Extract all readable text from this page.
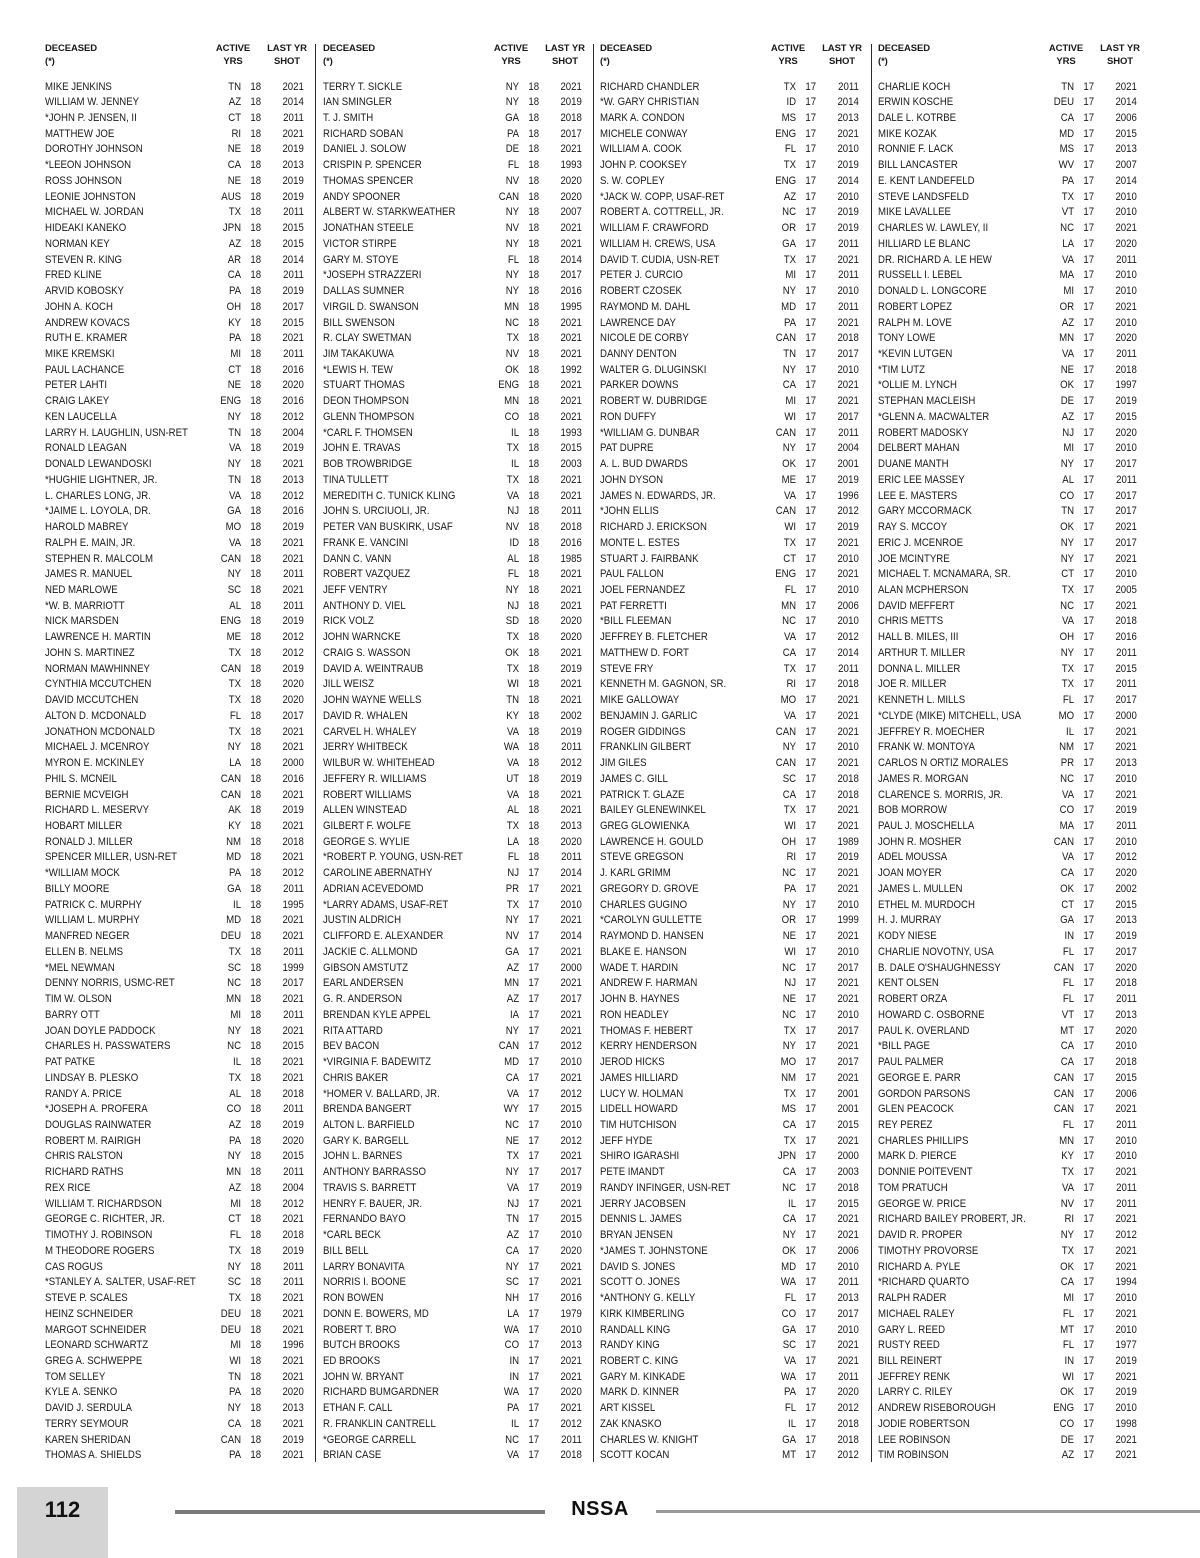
DECEASED
(*)
ACTIVE
YRS
LAST YR
SHOT
MIKE JENKINS	TN 18	2021
WILLIAM W. JENNEY	AZ 18	2014
*JOHN P. JENSEN, II	CT 18	2011
MATTHEW JOE	RI 18	2021
DOROTHY JOHNSON	NE 18	2019
*LEEON JOHNSON	CA 18	2013
ROSS JOHNSON	NE 18	2019
LEONIE JOHNSTON	AUS 18	2019
MICHAEL W. JORDAN	TX 18	2011
HIDEAKI KANEKO	JPN 18	2015
NORMAN KEY	AZ 18	2015
STEVEN R. KING	AR 18	2014
FRED KLINE	CA 18	2011
ARVID KOBOSKY	PA 18	2019
JOHN A. KOCH	OH 18	2017
ANDREW KOVACS	KY 18	2015
RUTH E. KRAMER	PA 18	2021
MIKE KREMSKI	MI 18	2011
PAUL LACHANCE	CT 18	2016
PETER LAHTI	NE 18	2020
CRAIG LAKEY	ENG 18	2016
KEN LAUCELLA	NY 18	2012
LARRY H. LAUGHLIN, USN-RET	TN 18	2004
RONALD LEAGAN	VA 18	2019
DONALD LEWANDOSKI	NY 18	2021
*HUGHIE LIGHTNER, JR.	TN 18	2013
L. CHARLES LONG, JR.	VA 18	2012
*JAIME L. LOYOLA, DR.	GA 18	2016
HAROLD MABREY	MO 18	2019
RALPH E. MAIN, JR.	VA 18	2021
STEPHEN R. MALCOLM	CAN 18	2021
JAMES R. MANUEL	NY 18	2011
NED MARLOWE	SC 18	2021
*W. B. MARRIOTT	AL 18	2011
NICK MARSDEN	ENG 18	2019
LAWRENCE H. MARTIN	ME 18	2012
JOHN S. MARTINEZ	TX 18	2012
NORMAN MAWHINNEY	CAN 18	2019
CYNTHIA MCCUTCHEN	TX 18	2020
DAVID MCCUTCHEN	TX 18	2020
ALTON D. MCDONALD	FL 18	2017
JONATHON MCDONALD	TX 18	2021
MICHAEL J. MCENROY	NY 18	2021
MYRON E. MCKINLEY	LA 18	2000
PHIL S. MCNEIL	CAN 18	2016
BERNIE MCVEIGH	CAN 18	2021
RICHARD L. MESERVY	AK 18	2019
HOBART MILLER	KY 18	2021
RONALD J. MILLER	NM 18	2018
SPENCER MILLER, USN-RET	MD 18	2021
*WILLIAM MOCK	PA 18	2012
BILLY MOORE	GA 18	2011
PATRICK C. MURPHY	IL 18	1995
WILLIAM L. MURPHY	MD 18	2021
MANFRED NEGER	DEU 18	2021
ELLEN B. NELMS	TX 18	2011
*MEL NEWMAN	SC 18	1999
DENNY NORRIS, USMC-RET	NC 18	2017
TIM W. OLSON	MN 18	2021
BARRY OTT	MI 18	2011
JOAN DOYLE PADDOCK	NY 18	2021
CHARLES H. PASSWATERS	NC 18	2015
PAT PATKE	IL 18	2021
LINDSAY B. PLESKO	TX 18	2021
RANDY A. PRICE	AL 18	2018
*JOSEPH A. PROFERA	CO 18	2011
DOUGLAS RAINWATER	AZ 18	2019
ROBERT M. RAIRIGH	PA 18	2020
CHRIS RALSTON	NY 18	2015
RICHARD RATHS	MN 18	2011
REX RICE	AZ 18	2004
WILLIAM T. RICHARDSON	MI 18	2012
GEORGE C. RICHTER, JR.	CT 18	2021
TIMOTHY J. ROBINSON	FL 18	2018
M THEODORE ROGERS	TX 18	2019
CAS ROGUS	NY 18	2011
*STANLEY A. SALTER, USAF-RET	SC 18	2011
STEVE P. SCALES	TX 18	2021
HEINZ SCHNEIDER	DEU 18	2021
MARGOT SCHNEIDER	DEU 18	2021
LEONARD SCHWARTZ	MI 18	1996
GREG A. SCHWEPPE	WI 18	2021
TOM SELLEY	TN 18	2021
KYLE A. SENKO	PA 18	2020
DAVID J. SERDULA	NY 18	2013
TERRY SEYMOUR	CA 18	2021
KAREN SHERIDAN	CAN 18	2019
THOMAS A. SHIELDS	PA 18	2021
DECEASED
(*)
ACTIVE
YRS
LAST YR
SHOT
TERRY T. SICKLE	NY 18	2021
IAN SMINGLER	NY 18	2019
T. J. SMITH	GA 18	2018
RICHARD SOBAN	PA 18	2017
DANIEL J. SOLOW	DE 18	2021
CRISPIN P. SPENCER	FL 18	1993
THOMAS SPENCER	NV 18	2020
ANDY SPOONER	CAN 18	2020
ALBERT W. STARKWEATHER	NY 18	2007
JONATHAN STEELE	NV 18	2021
VICTOR STIRPE	NY 18	2021
GARY M. STOYE	FL 18	2014
*JOSEPH STRAZZERI	NY 18	2017
DALLAS SUMNER	NY 18	2016
VIRGIL D. SWANSON	MN 18	1995
BILL SWENSON	NC 18	2021
R. CLAY SWETMAN	TX 18	2021
JIM TAKAKUWA	NV 18	2021
*LEWIS H. TEW	OK 18	1992
STUART THOMAS	ENG 18	2021
DEON THOMPSON	MN 18	2021
GLENN THOMPSON	CO 18	2021
*CARL F. THOMSEN	IL 18	1993
JOHN E. TRAVAS	TX 18	2015
BOB TROWBRIDGE	IL 18	2003
TINA TULLETT	TX 18	2021
MEREDITH C. TUNICK KLING	VA 18	2021
JOHN S. URCIUOLI, JR.	NJ 18	2011
PETER VAN BUSKIRK, USAF	NV 18	2018
FRANK E. VANCINI	ID 18	2016
DANN C. VANN	AL 18	1985
ROBERT VAZQUEZ	FL 18	2021
JEFF VENTRY	NY 18	2021
ANTHONY D. VIEL	NJ 18	2021
RICK VOLZ	SD 18	2020
JOHN WARNCKE	TX 18	2020
CRAIG S. WASSON	OK 18	2021
DAVID A. WEINTRAUB	TX 18	2019
JILL WEISZ	WI 18	2021
JOHN WAYNE WELLS	TN 18	2021
DAVID R. WHALEN	KY 18	2002
CARVEL H. WHALEY	VA 18	2019
JERRY WHITBECK	WA 18	2011
WILBUR W. WHITEHEAD	VA 18	2012
JEFFERY R. WILLIAMS	UT 18	2019
ROBERT WILLIAMS	VA 18	2021
ALLEN WINSTEAD	AL 18	2021
GILBERT F. WOLFE	TX 18	2013
GEORGE S. WYLIE	LA 18	2020
*ROBERT P. YOUNG, USN-RET	FL 18	2011
CAROLINE ABERNATHY	NJ 17	2014
ADRIAN ACEVEDOMD	PR 17	2021
*LARRY ADAMS, USAF-RET	TX 17	2010
JUSTIN ALDRICH	NY 17	2021
CLIFFORD E. ALEXANDER	NV 17	2014
JACKIE C. ALLMOND	GA 17	2021
GIBSON AMSTUTZ	AZ 17	2000
EARL ANDERSEN	MN 17	2021
G. R. ANDERSON	AZ 17	2017
BRENDAN KYLE APPEL	IA 17	2021
RITA ATTARD	NY 17	2021
BEV BACON	CAN 17	2012
*VIRGINIA F. BADEWITZ	MD 17	2010
CHRIS BAKER	CA 17	2021
*HOMER V. BALLARD, JR.	VA 17	2012
BRENDA BANGERT	WY 17	2015
ALTON L. BARFIELD	NC 17	2010
GARY K. BARGELL	NE 17	2012
JOHN L. BARNES	TX 17	2021
ANTHONY BARRASSO	NY 17	2017
TRAVIS S. BARRETT	VA 17	2019
HENRY F. BAUER, JR.	NJ 17	2021
FERNANDO BAYO	TN 17	2015
*CARL BECK	AZ 17	2010
BILL BELL	CA 17	2020
LARRY BONAVITA	NY 17	2021
NORRIS I. BOONE	SC 17	2021
RON BOWEN	NH 17	2016
DONN E. BOWERS, MD	LA 17	1979
ROBERT T. BRO	WA 17	2010
BUTCH BROOKS	CO 17	2013
ED BROOKS	IN 17	2021
JOHN W. BRYANT	IN 17	2021
RICHARD BUMGARDNER	WA 17	2020
ETHAN F. CALL	PA 17	2021
R. FRANKLIN CANTRELL	IL 17	2012
*GEORGE CARRELL	NC 17	2011
BRIAN CASE	VA 17	2018
DECEASED
(*)
ACTIVE
YRS
LAST YR
SHOT
RICHARD CHANDLER	TX 17	2011
*W. GARY CHRISTIAN	ID 17	2014
MARK A. CONDON	MS 17	2013
MICHELE CONWAY	ENG 17	2021
WILLIAM A. COOK	FL 17	2010
JOHN P. COOKSEY	TX 17	2019
S. W. COPLEY	ENG 17	2014
*JACK W. COPP, USAF-RET	AZ 17	2010
ROBERT A. COTTRELL, JR.	NC 17	2019
WILLIAM F. CRAWFORD	OR 17	2019
WILLIAM H. CREWS, USA	GA 17	2011
DAVID T. CUDIA, USN-RET	TX 17	2021
PETER J. CURCIO	MI 17	2011
ROBERT CZOSEK	NY 17	2010
RAYMOND M. DAHL	MD 17	2011
LAWRENCE DAY	PA 17	2021
NICOLE DE CORBY	CAN 17	2018
DANNY DENTON	TN 17	2017
WALTER G. DLUGINSKI	NY 17	2010
PARKER DOWNS	CA 17	2021
ROBERT W. DUBRIDGE	MI 17	2021
RON DUFFY	WI 17	2017
*WILLIAM G. DUNBAR	CAN 17	2011
PAT DUPRE	NY 17	2004
A. L. BUD DWARDS	OK 17	2001
JOHN DYSON	ME 17	2019
JAMES N. EDWARDS, JR.	VA 17	1996
*JOHN ELLIS	CAN 17	2012
RICHARD J. ERICKSON	WI 17	2019
MONTE L. ESTES	TX 17	2021
STUART J. FAIRBANK	CT 17	2010
PAUL FALLON	ENG 17	2021
JOEL FERNANDEZ	FL 17	2010
PAT FERRETTI	MN 17	2006
*BILL FLEEMAN	NC 17	2010
JEFFREY B. FLETCHER	VA 17	2012
MATTHEW D. FORT	CA 17	2014
STEVE FRY	TX 17	2011
KENNETH M. GAGNON, SR.	RI 17	2018
MIKE GALLOWAY	MO 17	2021
BENJAMIN J. GARLIC	VA 17	2021
ROGER GIDDINGS	CAN 17	2021
FRANKLIN GILBERT	NY 17	2010
JIM GILES	CAN 17	2021
JAMES C. GILL	SC 17	2018
PATRICK T. GLAZE	CA 17	2018
BAILEY GLENEWINKEL	TX 17	2021
GREG GLOWIENKA	WI 17	2021
LAWRENCE H. GOULD	OH 17	1989
STEVE GREGSON	RI 17	2019
J. KARL GRIMM	NC 17	2021
GREGORY D. GROVE	PA 17	2021
CHARLES GUGINO	NY 17	2010
*CAROLYN GULLETTE	OR 17	1999
RAYMOND D. HANSEN	NE 17	2021
BLAKE E. HANSON	WI 17	2010
WADE T. HARDIN	NC 17	2017
ANDREW F. HARMAN	NJ 17	2021
JOHN B. HAYNES	NE 17	2021
RON HEADLEY	NC 17	2010
THOMAS F. HEBERT	TX 17	2017
KERRY HENDERSON	NY 17	2021
JEROD HICKS	MO 17	2017
JAMES HILLIARD	NM 17	2021
LUCY W. HOLMAN	TX 17	2001
LIDELL HOWARD	MS 17	2001
TIM HUTCHISON	CA 17	2015
JEFF HYDE	TX 17	2021
SHIRO IGARASHI	JPN 17	2000
PETE IMANDT	CA 17	2003
RANDY INFINGER, USN-RET	NC 17	2018
JERRY JACOBSEN	IL 17	2015
DENNIS L. JAMES	CA 17	2021
BRYAN JENSEN	NY 17	2021
*JAMES T. JOHNSTONE	OK 17	2006
DAVID S. JONES	MD 17	2010
SCOTT O. JONES	WA 17	2011
*ANTHONY G. KELLY	FL 17	2013
KIRK KIMBERLING	CO 17	2017
RANDALL KING	GA 17	2010
RANDY KING	SC 17	2021
ROBERT C. KING	VA 17	2021
GARY M. KINKADE	WA 17	2011
MARK D. KINNER	PA 17	2020
ART KISSEL	FL 17	2012
ZAK KNASKO	IL 17	2018
CHARLES W. KNIGHT	GA 17	2018
SCOTT KOCAN	MT 17	2012
DECEASED
(*)
ACTIVE
YRS
LAST YR
SHOT
CHARLIE KOCH	TN 17	2021
ERWIN KOSCHE	DEU 17	2014
DALE L. KOTRBE	CA 17	2006
MIKE KOZAK	MD 17	2015
RONNIE F. LACK	MS 17	2013
BILL LANCASTER	WV 17	2007
E. KENT LANDEFELD	PA 17	2014
STEVE LANDSFELD	TX 17	2010
MIKE LAVALLEE	VT 17	2010
CHARLES W. LAWLEY, II	NC 17	2021
HILLIARD LE BLANC	LA 17	2020
DR. RICHARD A. LE HEW	VA 17	2011
RUSSELL I. LEBEL	MA 17	2010
DONALD L. LONGCORE	MI 17	2010
ROBERT LOPEZ	OR 17	2021
RALPH M. LOVE	AZ 17	2010
TONY LOWE	MN 17	2020
*KEVIN LUTGEN	VA 17	2011
*TIM LUTZ	NE 17	2018
*OLLIE M. LYNCH	OK 17	1997
STEPHAN MACLEISH	DE 17	2019
*GLENN A. MACWALTER	AZ 17	2015
ROBERT MADOSKY	NJ 17	2020
DELBERT MAHAN	MI 17	2010
DUANE MANTH	NY 17	2017
ERIC LEE MASSEY	AL 17	2011
LEE E. MASTERS	CO 17	2017
GARY MCCORMACK	TN 17	2017
RAY S. MCCOY	OK 17	2021
ERIC J. MCENROE	NY 17	2017
JOE MCINTYRE	NY 17	2021
MICHAEL T. MCNAMARA, SR.	CT 17	2010
ALAN MCPHERSON	TX 17	2005
DAVID MEFFERT	NC 17	2021
CHRIS METTS	VA 17	2018
HALL B. MILES, III	OH 17	2016
ARTHUR T. MILLER	NY 17	2011
DONNA L. MILLER	TX 17	2015
JOE R. MILLER	TX 17	2011
KENNETH L. MILLS	FL 17	2017
*CLYDE (MIKE) MITCHELL, USA	MO 17	2000
JEFFREY R. MOECHER	IL 17	2021
FRANK W. MONTOYA	NM 17	2021
CARLOS N ORTIZ MORALES	PR 17	2013
JAMES R. MORGAN	NC 17	2010
CLARENCE S. MORRIS, JR.	VA 17	2021
BOB MORROW	CO 17	2019
PAUL J. MOSCHELLA	MA 17	2011
JOHN R. MOSHER	CAN 17	2010
ADEL MOUSSA	VA 17	2012
JOAN MOYER	CA 17	2020
JAMES L. MULLEN	OK 17	2002
ETHEL M. MURDOCH	CT 17	2015
H. J. MURRAY	GA 17	2013
KODY NIESE	IN 17	2019
CHARLIE NOVOTNY, USA	FL 17	2017
B. DALE O'SHAUGHNESSY	CAN 17	2020
KENT OLSEN	FL 17	2018
ROBERT ORZA	FL 17	2011
HOWARD C. OSBORNE	VT 17	2013
PAUL K. OVERLAND	MT 17	2020
*BILL PAGE	CA 17	2010
PAUL PALMER	CA 17	2018
GEORGE E. PARR	CAN 17	2015
GORDON PARSONS	CAN 17	2006
GLEN PEACOCK	CAN 17	2021
REY PEREZ	FL 17	2011
CHARLES PHILLIPS	MN 17	2010
MARK D. PIERCE	KY 17	2010
DONNIE POITEVENT	TX 17	2021
TOM PRATUCH	VA 17	2011
GEORGE W. PRICE	NV 17	2011
RICHARD BAILEY PROBERT, JR.	RI 17	2021
DAVID R. PROPER	NY 17	2012
TIMOTHY PROVORSE	TX 17	2021
RICHARD A. PYLE	OK 17	2021
*RICHARD QUARTO	CA 17	1994
RALPH RADER	MI 17	2010
MICHAEL RALEY	FL 17	2021
GARY L. REED	MT 17	2010
RUSTY REED	FL 17	1977
BILL REINERT	IN 17	2019
JEFFREY RENK	WI 17	2021
LARRY C. RILEY	OK 17	2019
ANDREW RISEBOROUGH	ENG 17	2010
JODIE ROBERTSON	CO 17	1998
LEE ROBINSON	DE 17	2021
TIM ROBINSON	AZ 17	2021
112	NSSA
